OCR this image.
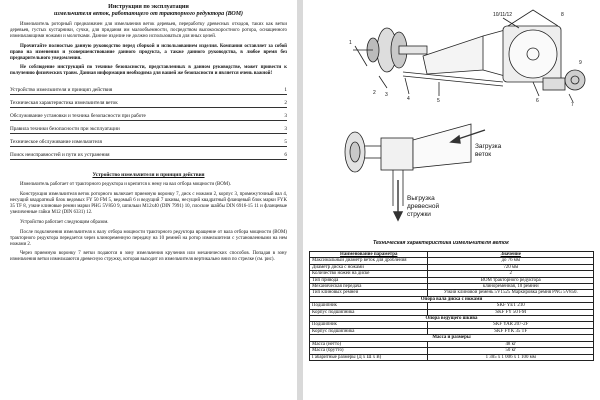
Инструкция по эксплуатации
измельчителя веток, работающего от тракторного редуктора (ВОМ)

Измельчитель роторный предназначен для измельчения веток деревьев, переработку древесных отходов, таких как ветки деревьев, густых кустарники, сучки, для придания им малообъемности, посредством высокоскоростного ротора, оснащенного измельчающими ножами и молотками. Данное изделие не должно использоваться для иных целей.

Прочитайте полностью данную руководство перед сборкой и использованием изделия. Компания оставляет за собой право на изменения и усовершенствование данного продукта, а также данного руководства, в любое время без предварительного уведомления.

Не соблюдение инструкций по технике безопасности, представленных в данном руководстве, может привести к получению физических травм. Данная информация необходима для вашей же безопасности и является очень важной!

Устройство измельчителя и принцип действия	1
Техническая характеристика измельчителя веток	2
Обслуживание установки и техника безопасности при работе	3
Правила техники безопасности при эксплуатации	3
Техническое обслуживание измельчителя	5
Поиск неисправностей и пути их устранения	6
Устройство измельчителя и принцип действия

Измельчитель работает от тракторного редуктора и крепится к нему на вал отбора мощности (ВОМ).

Конструкция измельчителя веток роторного включает приемную воронку 7, диск с ножами 2, корпус 3, промежуточный вал 4, несущий квадратный блок ведомых FY 50 FM 5, ведомый 6 и ведущий 7 шкивы, несущий квадратный фланцевый блок марки FYK 35 TF 8, узкие клиновые ремни марки PHG 5V850 9, шпильки M12x40 (DIN 7991) 10, плоские шайбы DIN 6916-15 11 и фланцевые увеличенные гайки M12 (DIN 6331) 12.

Устройство работает следующим образом.

После подключения измельчителя к валу отбора мощности тракторного редуктора вращение от вала отбора мощности (ВОМ) тракторного редуктора передается через клиноременную передачу на 10 ремней на ротор измельчителя с установленными на нем ножами 2.

Через приемную воронку 7 ветки подаются в зону измельчения кручения или механических способов. Попадая в зону измельчения ветки измельчаются древесную стружку, которая выходит из измельчителя вертикально вниз по стрелке (см. рис).

10/11/12
1
2 3
4	5	6
7
8
9
Загрузка
веток
Выгрузка
древесной
стружки
Техническая характеристика измельчителя веток
Наименование параметра	Значение
Максимальный диаметр веток для дробления	до 76 мм
Диаметр диска с ножами	720 мм
Количество ножей на диске	2
Тип привода	ВОМ тракторного редуктора
Механическая передача	клиноременная, 10 ремней
Тип клиновых ремней	Узкий клиновой ремень 5V1525 Маркировка ремня PNG 5V850.
Опора вала диска с ножами	
Подшипник	SKF YET 210
Корпус подшипника	SKF FY 50 FM
Опора ведущего шкива	
Подшипник	SKF YAR 207-2F
Корпус подшипника	SKF FYK 35 TF
Масса и размеры	
Масса (нетто)	48 кг
Масса (брутто)	50 кг
Габаритные размеры (Д х Ш х В)	1 305 х 1 006 х 1 100 мм
